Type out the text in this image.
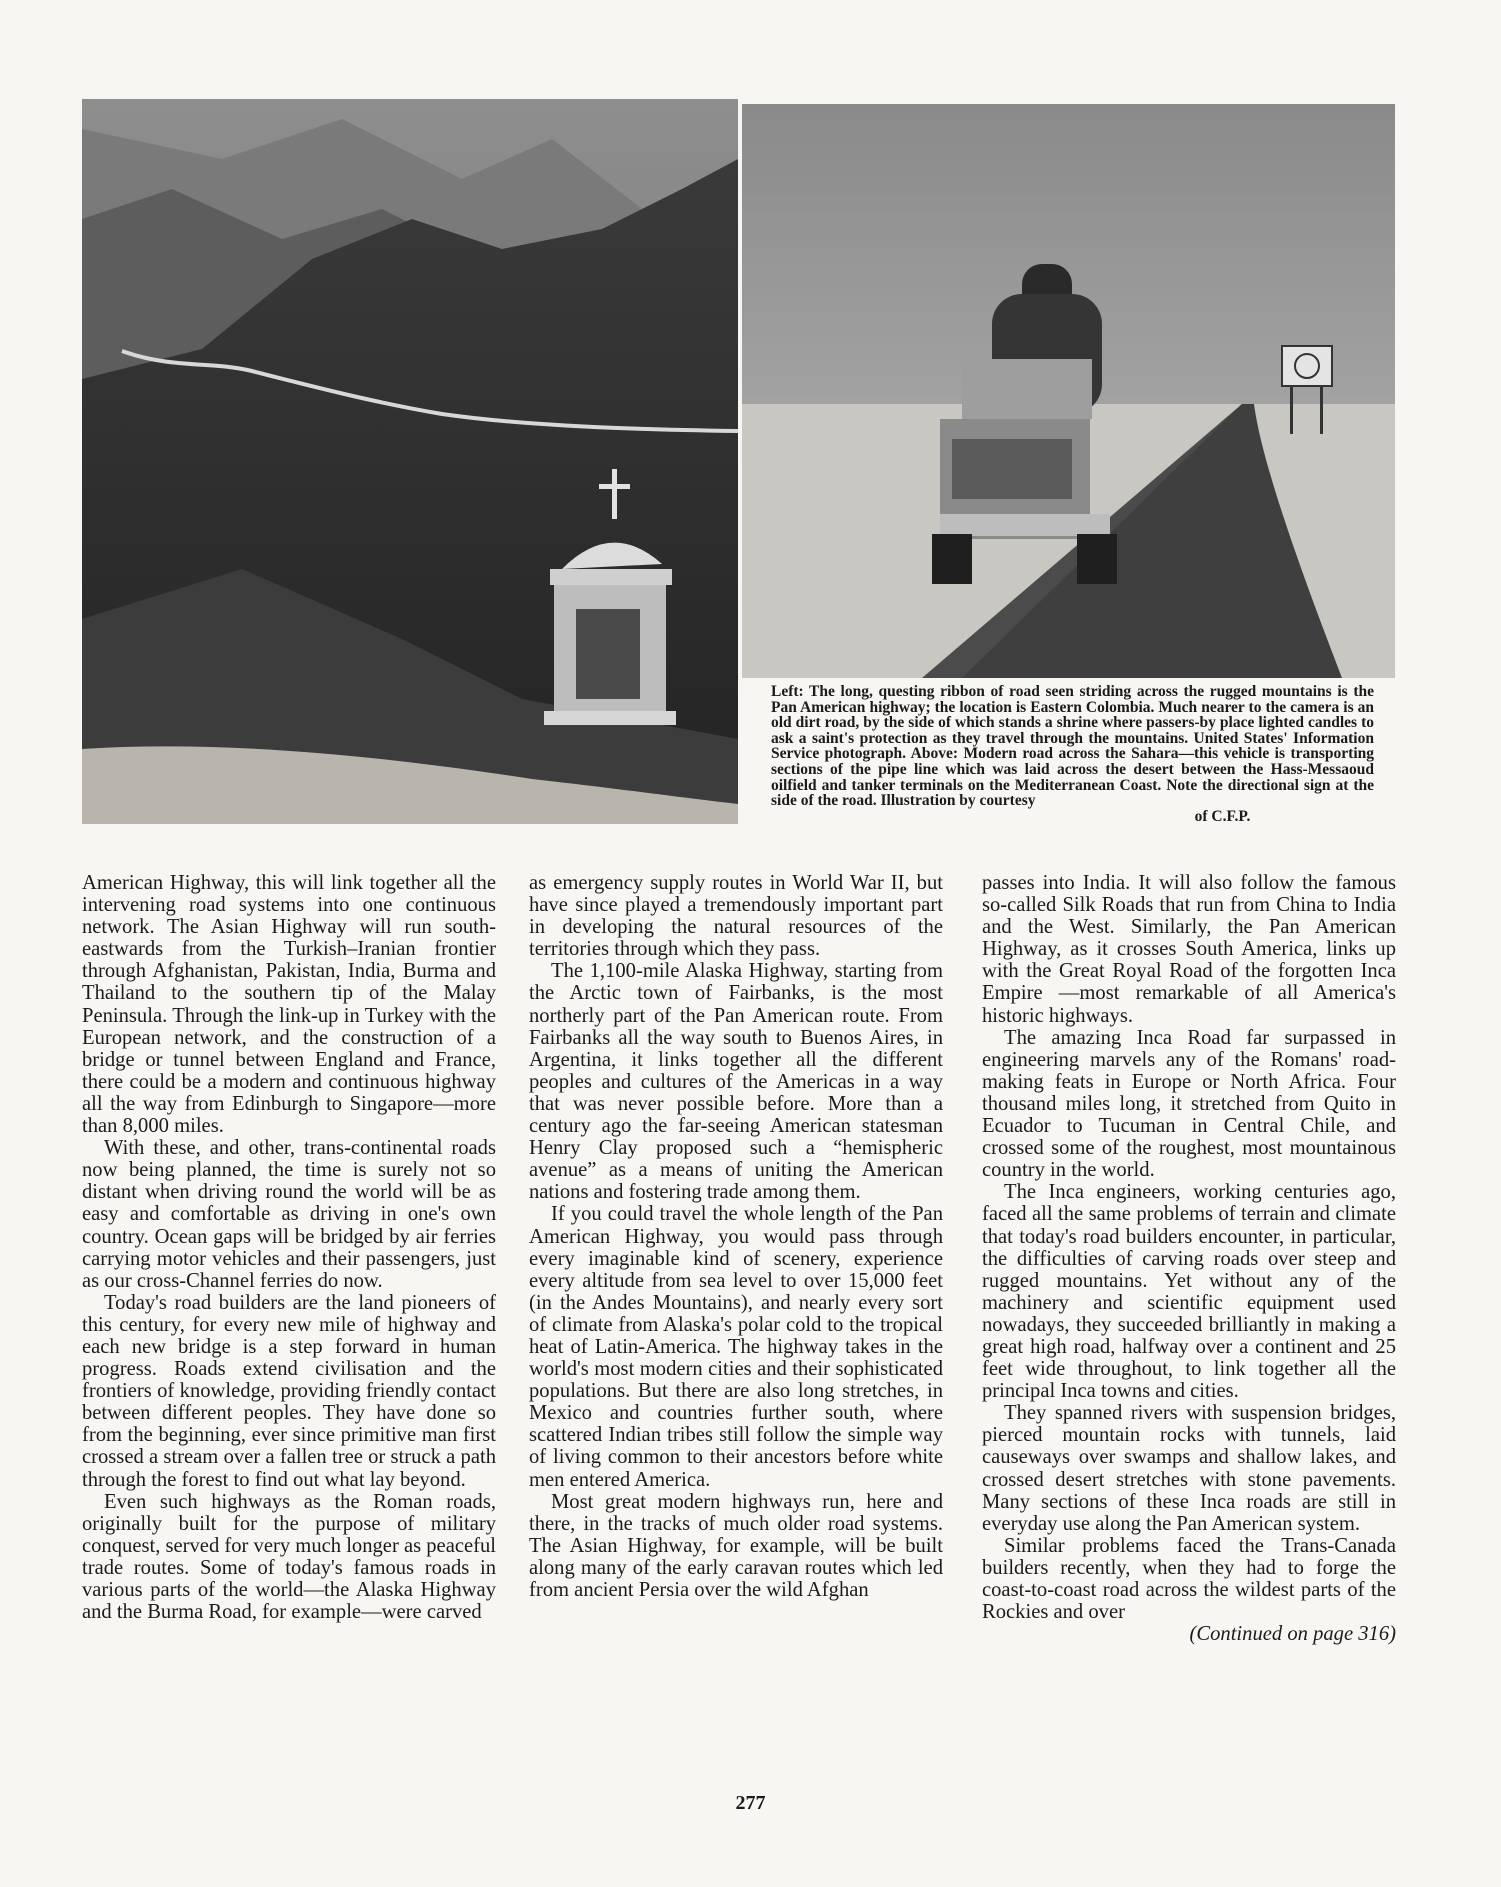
Left: The long, questing ribbon of road seen striding across the rugged mountains is the Pan American highway; the location is Eastern Colombia. Much nearer to the camera is an old dirt road, by the side of which stands a shrine where passers-by place lighted candles to ask a saint's protection as they travel through the mountains. United States' Information Service photograph. Above: Modern road across the Sahara—this vehicle is transporting sections of the pipe line which was laid across the desert between the Hass-Messaoud oilfield and tanker terminals on the Mediterranean Coast. Note the directional sign at the side of the road. Illustration by courtesy
of C.F.P.

American Highway, this will link together all the intervening road systems into one continuous network. The Asian Highway will run south-eastwards from the Turkish–Iranian frontier through Afghanistan, Pakistan, India, Burma and Thailand to the southern tip of the Malay Peninsula. Through the link-up in Turkey with the European network, and the construction of a bridge or tunnel between England and France, there could be a modern and continuous highway all the way from Edinburgh to Singapore—more than 8,000 miles.

With these, and other, trans-continental roads now being planned, the time is surely not so distant when driving round the world will be as easy and comfortable as driving in one's own country. Ocean gaps will be bridged by air ferries carrying motor vehicles and their passengers, just as our cross-Channel ferries do now.

Today's road builders are the land pioneers of this century, for every new mile of highway and each new bridge is a step forward in human progress. Roads extend civilisation and the frontiers of knowledge, providing friendly contact between different peoples. They have done so from the beginning, ever since primitive man first crossed a stream over a fallen tree or struck a path through the forest to find out what lay beyond.

Even such highways as the Roman roads, originally built for the purpose of military conquest, served for very much longer as peaceful trade routes. Some of today's famous roads in various parts of the world—the Alaska Highway and the Burma Road, for example—were carved

as emergency supply routes in World War II, but have since played a tremendously important part in developing the natural resources of the territories through which they pass.

The 1,100-mile Alaska Highway, starting from the Arctic town of Fairbanks, is the most northerly part of the Pan American route. From Fairbanks all the way south to Buenos Aires, in Argentina, it links together all the different peoples and cultures of the Americas in a way that was never possible before. More than a century ago the far-seeing American statesman Henry Clay proposed such a “hemispheric avenue” as a means of uniting the American nations and fostering trade among them.

If you could travel the whole length of the Pan American Highway, you would pass through every imaginable kind of scenery, experience every altitude from sea level to over 15,000 feet (in the Andes Mountains), and nearly every sort of climate from Alaska's polar cold to the tropical heat of Latin-America. The highway takes in the world's most modern cities and their sophisticated populations. But there are also long stretches, in Mexico and countries further south, where scattered Indian tribes still follow the simple way of living common to their ancestors before white men entered America.

Most great modern highways run, here and there, in the tracks of much older road systems. The Asian Highway, for example, will be built along many of the early caravan routes which led from ancient Persia over the wild Afghan

passes into India. It will also follow the famous so-called Silk Roads that run from China to India and the West. Similarly, the Pan American Highway, as it crosses South America, links up with the Great Royal Road of the forgotten Inca Empire —most remarkable of all America's historic highways.

The amazing Inca Road far surpassed in engineering marvels any of the Romans' road-making feats in Europe or North Africa. Four thousand miles long, it stretched from Quito in Ecuador to Tucuman in Central Chile, and crossed some of the roughest, most mountainous country in the world.

The Inca engineers, working centuries ago, faced all the same problems of terrain and climate that today's road builders encounter, in particular, the difficulties of carving roads over steep and rugged mountains. Yet without any of the machinery and scientific equipment used nowadays, they succeeded brilliantly in making a great high road, halfway over a continent and 25 feet wide throughout, to link together all the principal Inca towns and cities.

They spanned rivers with suspension bridges, pierced mountain rocks with tunnels, laid causeways over swamps and shallow lakes, and crossed desert stretches with stone pavements. Many sections of these Inca roads are still in everyday use along the Pan American system.

Similar problems faced the Trans-Canada builders recently, when they had to forge the coast-to-coast road across the wildest parts of the Rockies and over

(Continued on page 316)
277
